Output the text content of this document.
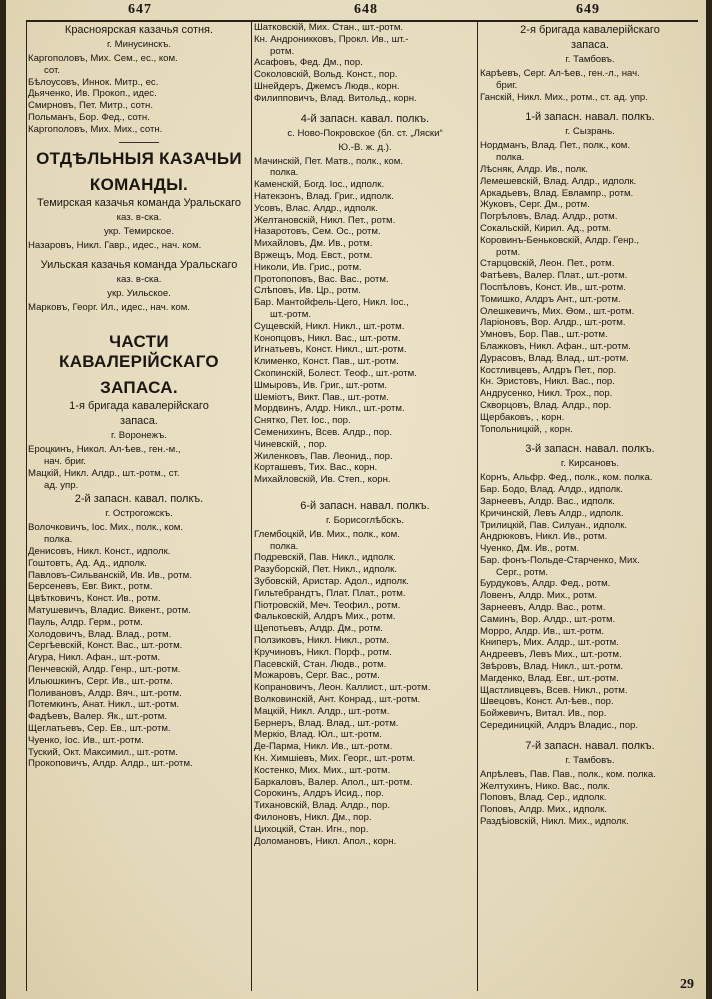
647	648	649
Красноярская казачья сотня.
г. Минусинскъ.
Каргополовъ, Мих. Сем., ес., ком.
сот.
Бѣлоусовъ, Иннок. Митр., ес.
Дьяченко, Ив. Прокоп., идес.
Смирновъ, Пет. Митр., сотн.
Польманъ, Бор. Фед., сотн.
Каргополовъ, Мих. Мих., сотн.
ОТДѢЛЬНЫЯ КАЗАЧЬИ
КОМАНДЫ.
Темирская казачья команда Уральскаго
каз. в-ска.
укр. Темирское.
Назаровъ, Никл. Гавр., идес., нач. ком.
Уильская казачья команда Уральскаго
каз. в-ска.
укр. Уильское.
Марковъ, Георг. Ил., идес., нач. ком.
ЧАСТИ КАВАЛЕРІЙСКАГО
ЗАПАСА.
1-я бригада кавалерійскаго
запаса.
г. Воронежъ.
Ероцкинъ, Никол. Ал-ѣев., ген.-м.,
нач. бриг.
Мацкій, Никл. Алдр., шт.-ротм., ст.
ад. упр.
2-й запасн. кавал. полкъ.
г. Острогожскъ.
Волочковичъ, Іос. Мих., полк., ком.
полка.
Денисовъ, Никл. Конст., идполк.
Гоштовтъ, Ад. Ад., идполк.
Павловъ-Сильванскій, Ив. Ив., ротм.
Берсеневъ, Евг. Викт., ротм.
Цвѣтковичъ, Конст. Ив., ротм.
Матушевичъ, Владис. Викент., ротм.
Пауль, Алдр. Герм., ротм.
Холодовичъ, Влад. Влад., ротм.
Сергѣевскій, Конст. Вас., шт.-ротм.
Агура, Никл. Афан., шт.-ротм.
Пенчевскій, Алдр. Генр., шт.-ротм.
Ильюшкинъ, Серг. Ив., шт.-ротм.
Поливановъ, Алдр. Вяч., шт.-ротм.
Потемкинъ, Анат. Никл., шт.-ротм.
Фадѣевъ, Валер. Як., шт.-ротм.
Щеглатьевъ, Сер. Ев., шт.-ротм.
Чуенко, Іос. Ив., шт.-ротм.
Туский, Окт. Максимил., шт.-ротм.
Прокоповичъ, Алдр. Алдр., шт.-ротм.
Шатковскій, Мих. Стан., шт.-ротм.
Кн. Андроникковъ, Прокл. Ив., шт.-
ротм.
Асафовъ, Фед. Дм., пор.
Соколовскій, Вольд. Конст., пор.
Шнейдеръ, Джемсъ Людв., корн.
Филипповичъ, Влад. Витольд., корн.
4-й запасн. кавал. полкъ.
с. Ново-Покровское (бл. ст. „Ляски“
Ю.-В. ж. д.).
Мачинскій, Пет. Матв., полк., ком.
полка.
Каменскій, Богд. Іос., идполк.
Натекзонъ, Влад. Григ., идполк.
Усовъ, Влас. Алдр., идполк.
Желтановскій, Никл. Пет., ротм.
Назаротовъ, Сем. Ос., ротм.
Михайловъ, Дм. Ив., ротм.
Вржещъ, Мод. Евст., ротм.
Николи, Ив. Грис., ротм.
Протопоповъ, Вас. Вас., ротм.
Слѣповъ, Ив. Цр., ротм.
Бар. Мантойфель-Цего, Никл. Іос.,
шт.-ротм.
Сущевскій, Никл. Никл., шт.-ротм.
Конопцовъ, Никл. Вас., шт.-ротм.
Игнатьевъ, Конст. Никл., шт.-ротм.
Клименко, Конст. Пав., шт.-ротм.
Скопинскій, Болест. Теоф., шт.-ротм.
Шмыровъ, Ив. Григ., шт.-ротм.
Шеміотъ, Викт. Пав., шт.-ротм.
Мордвинъ, Алдр. Никл., шт.-ротм.
Снятко, Пет. Іос., пор.
Семенихинъ, Всев. Алдр., пор.
Чиневскій, , пор.
Жиленковъ, Пав. Леонид., пор.
Корташевъ, Тих. Вас., корн.
Михайловскій, Ив. Степ., корн.
6-й запасн. навал. полкъ.
г. Борисоглѣбскъ.
Глембоцкій, Ив. Мих., полк., ком.
полка.
Подревскій, Пав. Никл., идполк.
Разуборскій, Пет. Никл., идполк.
Зубовскій, Аристар. Адол., идполк.
Гильтебрандтъ, Плат. Плат., ротм.
Піотровскій, Меч. Теофил., ротм.
Фальковскій, Алдръ Мих., ротм.
Щепотьевъ, Алдр. Дм., ротм.
Ползиковъ, Никл. Никл., ротм.
Кручиновъ, Никл. Порф., ротм.
Пасевскій, Стан. Людв., ротм.
Можаровъ, Серг. Вас., ротм.
Копрановичъ, Леон. Каллист., шт.-ротм.
Волковинскій, Ант. Конрад., шт.-ротм.
Мацкій, Никл. Алдр., шт.-ротм.
Бернеръ, Влад. Влад., шт.-ротм.
Меркіо, Влад. Юл., шт.-ротм.
Де-Парма, Никл. Ив., шт.-ротм.
Кн. Химшіевъ, Мих. Георг., шт.-ротм.
Костенко, Мих. Мих., шт.-ротм.
Баркаловъ, Валер. Апол., шт.-ротм.
Сорокинъ, Алдръ Исид., пор.
Тихановскій, Влад. Алдр., пор.
Филоновъ, Никл. Дм., пор.
Цихоцкій, Стан. Игн., пор.
Доломановъ, Никл. Апол., корн.
2-я бригада кавалерійскаго
запаса.
г. Тамбовъ.
Карѣевъ, Серг. Ал-ѣев., ген.-л., нач.
бриг.
Ганскій, Никл. Мих., ротм., ст. ад. упр.
1-й запасн. навал. полкъ.
г. Сызрань.
Нордманъ, Влад. Пет., полк., ком.
полка.
Лѣсняк, Алдр. Ив., полк.
Лемешевскій, Влад. Алдр., идполк.
Аркадьевъ, Влад. Евлампр., ротм.
Жуковъ, Серг. Дм., ротм.
Погрѣловъ, Влад. Алдр., ротм.
Сокальскій, Кирил. Ад., ротм.
Коровинъ-Беньковскій, Алдр. Генр.,
ротм.
Старцовскій, Леон. Пет., ротм.
Фатѣевъ, Валер. Плат., шт.-ротм.
Поспѣловъ, Конст. Ив., шт.-ротм.
Томишко, Алдръ Ант., шт.-ротм.
Олешкевичъ, Мих. Ѳом., шт.-ротм.
Ларіоновъ, Вор. Алдр., шт.-ротм.
Умновъ, Бор. Пав., шт.-ротм.
Блажковъ, Никл. Афан., шт.-ротм.
Дурасовъ, Влад. Влад., шт.-ротм.
Костливцевъ, Алдръ Пет., пор.
Кн. Эристовъ, Никл. Вас., пор.
Андрусенко, Никл. Трох., пор.
Скворцовъ, Влад. Алдр., пор.
Щербаковъ, , корн.
Топольницкій, , корн.
3-й запасн. навал. полкъ.
г. Кирсановъ.
Корнъ, Альфр. Фед., полк., ком. полка.
Бар. Бодо, Влад. Алдр., идполк.
Зарнеевъ, Алдр. Вас., идполк.
Кричинскій, Левъ Алдр., идполк.
Трилицкій, Пав. Силуан., идполк.
Андрюковъ, Никл. Ив., ротм.
Чуенко, Дм. Ив., ротм.
Бар. фонъ-Польде-Старченко, Мих.
Серг., ротм.
Бурдуковъ, Алдр. Фед., ротм.
Ловенъ, Алдр. Мих., ротм.
Зарнеевъ, Алдр. Вас., ротм.
Саминъ, Вор. Алдр., шт.-ротм.
Морро, Алдр. Ив., шт.-ротм.
Книперъ, Мих. Алдр., шт.-ротм.
Андреевъ, Левъ Мих., шт.-ротм.
Звѣровъ, Влад. Никл., шт.-ротм.
Магденко, Влад. Евг., шт.-ротм.
Щастливцевъ, Всев. Никл., ротм.
Швецовъ, Конст. Ал-ѣев., пор.
Бойжевичъ, Витал. Ив., пор.
Серединицкій, Алдръ Владис., пор.
7-й запасн. навал. полкъ.
г. Тамбовъ.
Апрѣлевъ, Пав. Пав., полк., ком. полка.
Желтухинъ, Нико. Вас., полк.
Поповъ, Влад. Сер., идполк.
Поповъ, Алдр. Мих., идполк.
Раздѣіовскій, Никл. Мих., идполк.
29
